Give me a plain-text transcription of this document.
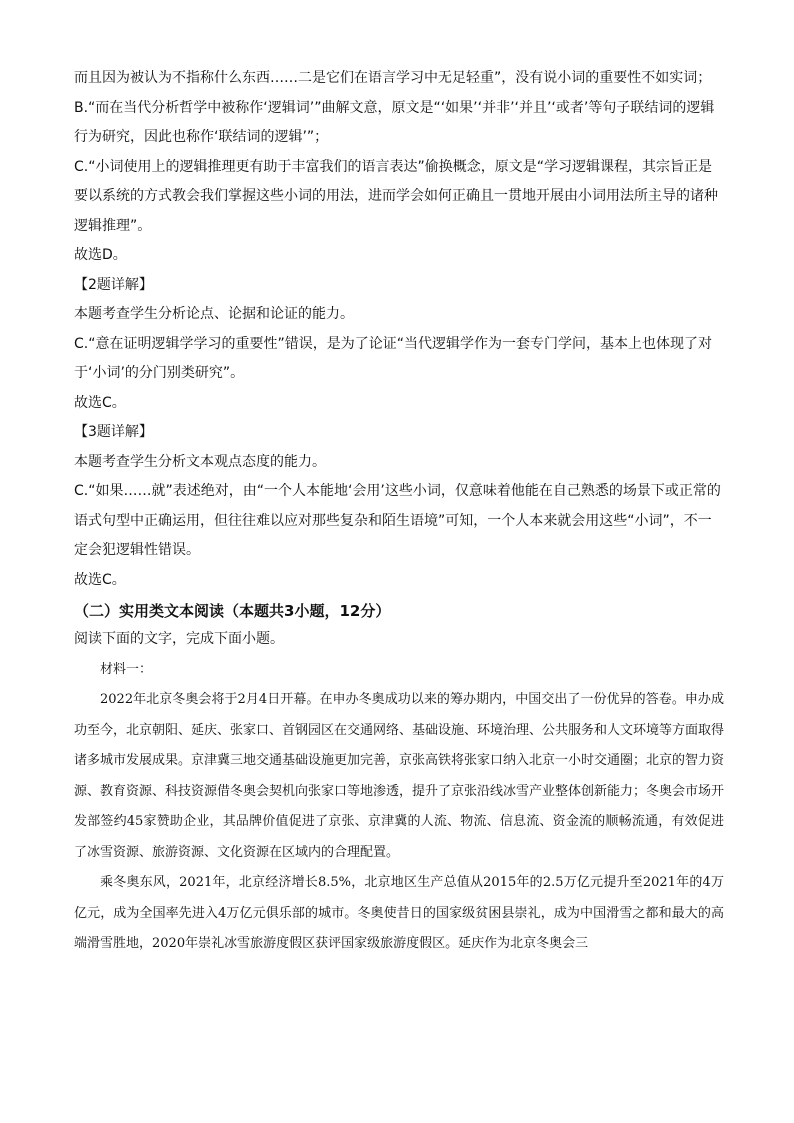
而且因为被认为不指称什么东西……二是它们在语言学习中无足轻重”，没有说小词的重要性不如实词；

B.“而在当代分析哲学中被称作‘逻辑词’”曲解文意，原文是“‘如果’‘并非’‘并且’‘或者’等句子联结词的逻辑行为研究，因此也称作‘联结词的逻辑’”；

C.“小词使用上的逻辑推理更有助于丰富我们的语言表达”偷换概念，原文是“学习逻辑课程，其宗旨正是要以系统的方式教会我们掌握这些小词的用法，进而学会如何正确且一贯地开展由小词用法所主导的诸种逻辑推理”。

故选D。

【2题详解】

本题考查学生分析论点、论据和论证的能力。

C.“意在证明逻辑学学习的重要性”错误，是为了论证“当代逻辑学作为一套专门学问，基本上也体现了对于‘小词’的分门别类研究”。

故选C。

【3题详解】

本题考查学生分析文本观点态度的能力。

C.“如果……就”表述绝对，由“一个人本能地‘会用’这些小词，仅意味着他能在自己熟悉的场景下或正常的语式句型中正确运用，但往往难以应对那些复杂和陌生语境”可知，一个人本来就会用这些“小词”，不一定会犯逻辑性错误。

故选C。

（二）实用类文本阅读（本题共3小题，12分）

阅读下面的文字，完成下面小题。

材料一：

2022年北京冬奥会将于2月4日开幕。在申办冬奥成功以来的筹办期内，中国交出了一份优异的答卷。申办成功至今，北京朝阳、延庆、张家口、首钢园区在交通网络、基础设施、环境治理、公共服务和人文环境等方面取得诸多城市发展成果。京津冀三地交通基础设施更加完善，京张高铁将张家口纳入北京一小时交通圈；北京的智力资源、教育资源、科技资源借冬奥会契机向张家口等地渗透，提升了京张沿线冰雪产业整体创新能力；冬奥会市场开发部签约45家赞助企业，其品牌价值促进了京张、京津冀的人流、物流、信息流、资金流的顺畅流通，有效促进了冰雪资源、旅游资源、文化资源在区域内的合理配置。

乘冬奥东风，2021年，北京经济增长8.5%，北京地区生产总值从2015年的2.5万亿元提升至2021年的4万亿元，成为全国率先进入4万亿元俱乐部的城市。冬奥使昔日的国家级贫困县崇礼，成为中国滑雪之都和最大的高端滑雪胜地，2020年崇礼冰雪旅游度假区获评国家级旅游度假区。延庆作为北京冬奥会三
